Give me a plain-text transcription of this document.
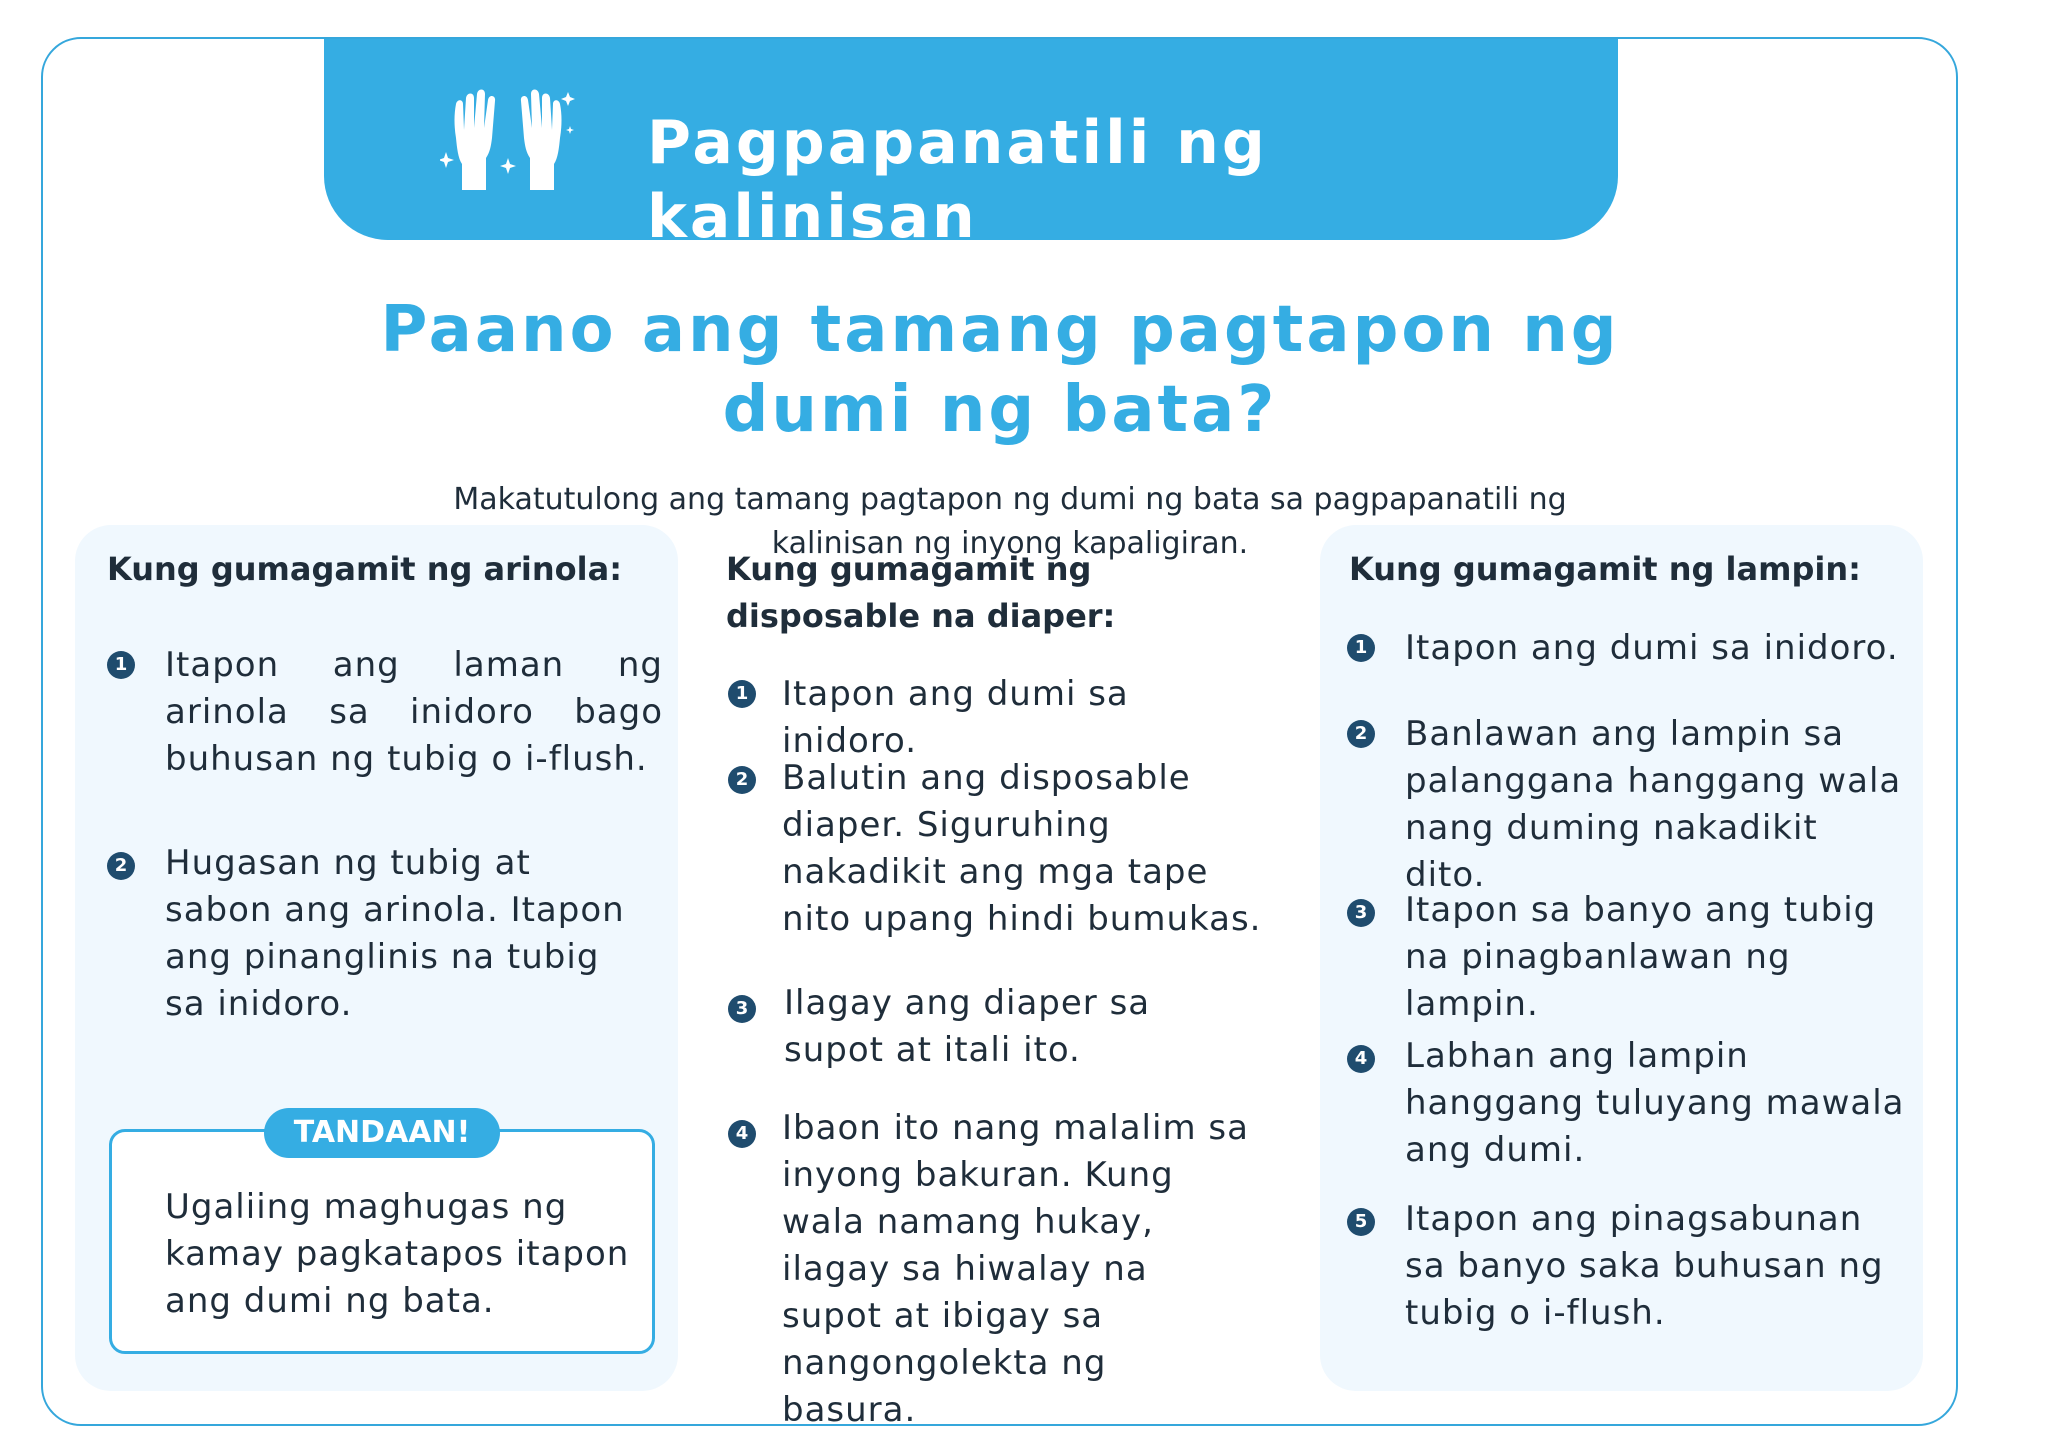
Pagpapanatili ng kalinisan
Paano ang tamang pagtapon ng dumi ng bata?

Makatutulong ang tamang pagtapon ng dumi ng bata sa pagpapanatili ng kalinisan ng inyong kapaligiran.

Kung gumagamit ng arinola:
1 Itapon ang laman ng arinola sa inidoro bago buhusan ng tubig o i-flush.
2 Hugasan ng tubig at sabon ang arinola. Itapon ang pinanglinis na tubig sa inidoro.
TANDAAN!
Ugaliing maghugas ng kamay pagkatapos itapon ang dumi ng bata.
Kung gumagamit ng disposable na diaper:
1 Itapon ang dumi sa inidoro.
2 Balutin ang disposable diaper. Siguruhing nakadikit ang mga tape nito upang hindi bumukas.
3 Ilagay ang diaper sa supot at itali ito.
4 Ibaon ito nang malalim sa inyong bakuran. Kung wala namang hukay, ilagay sa hiwalay na supot at ibigay sa nangongolekta ng basura.
Kung gumagamit ng lampin:
1 Itapon ang dumi sa inidoro.
2 Banlawan ang lampin sa palanggana hanggang wala nang duming nakadikit dito.
3 Itapon sa banyo ang tubig na pinagbanlawan ng lampin.
4 Labhan ang lampin hanggang tuluyang mawala ang dumi.
5 Itapon ang pinagsabunan sa banyo saka buhusan ng tubig o i-flush.
